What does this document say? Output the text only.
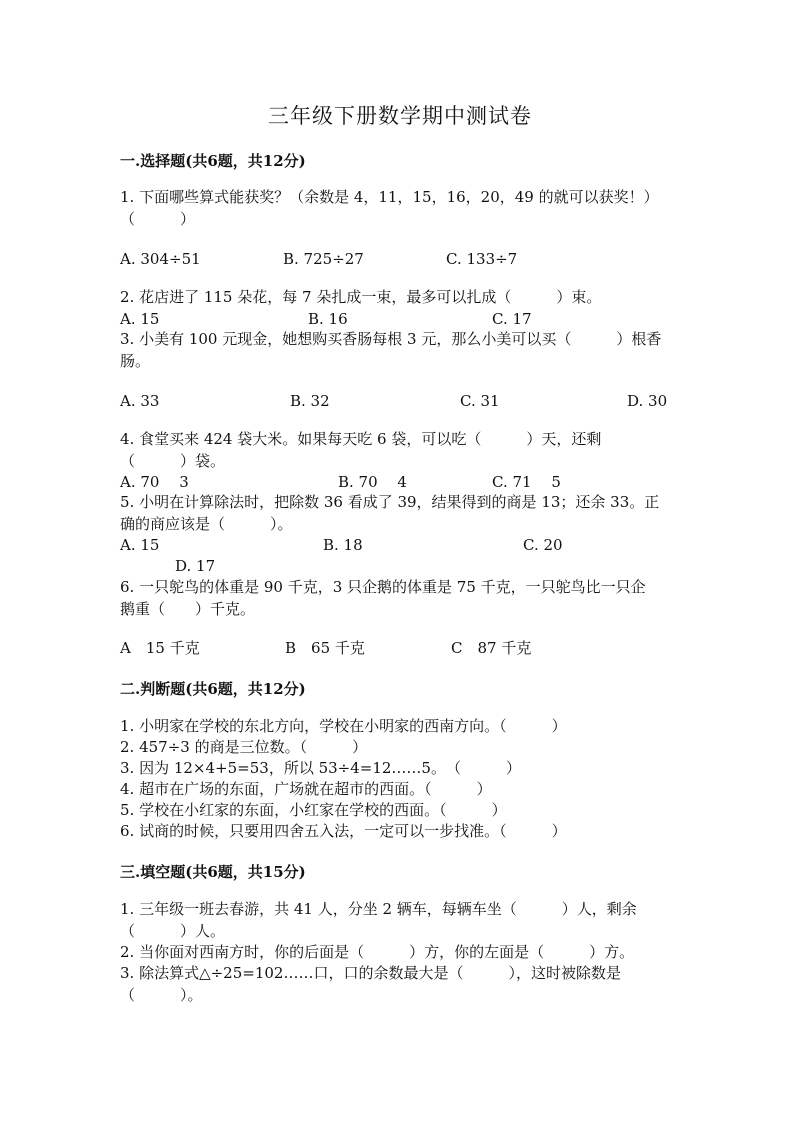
三年级下册数学期中测试卷
一.选择题(共6题，共12分)
1. 下面哪些算式能获奖？（余数是 4，11，15，16，20，49 的就可以获奖！）
（　　　）
A. 304÷51	B. 725÷27	C. 133÷7
2. 花店进了 115 朵花，每 7 朵扎成一束，最多可以扎成（　　　）束。
A. 15	B. 16	C. 17
3. 小美有 100 元现金，她想购买香肠每根 3 元，那么小美可以买（　　　）根香
肠。
A. 33	B. 32	C. 31	D. 30
4. 食堂买来 424 袋大米。如果每天吃 6 袋，可以吃（　　　）天，还剩
（　　　）袋。
A. 70　 3	B. 70　 4	C. 71　 5
5. 小明在计算除法时，把除数 36 看成了 39，结果得到的商是 13；还余 33。正
确的商应该是（　　　）。
A. 15	B. 18	C. 20
D. 17
6. 一只鸵鸟的体重是 90 千克，3 只企鹅的体重是 75 千克，一只鸵鸟比一只企
鹅重（　　）千克。
A　15 千克	B　65 千克	C　87 千克
二.判断题(共6题，共12分)
1. 小明家在学校的东北方向，学校在小明家的西南方向。（　　　）
2. 457÷3 的商是三位数。（　　　）
3. 因为 12×4+5=53，所以 53÷4=12……5。　（　　　）
4. 超市在广场的东面，广场就在超市的西面。（　　　）
5. 学校在小红家的东面，小红家在学校的西面。（　　　）
6. 试商的时候，只要用四舍五入法，一定可以一步找准。（　　　）
三.填空题(共6题，共15分)
1. 三年级一班去春游，共 41 人，分坐 2 辆车，每辆车坐（　　　）人，剩余
（　　　）人。
2. 当你面对西南方时，你的后面是（　　　）方，你的左面是（　　　）方。
3. 除法算式△÷25=102……口，口的余数最大是（　　　），这时被除数是
（　　　）。
